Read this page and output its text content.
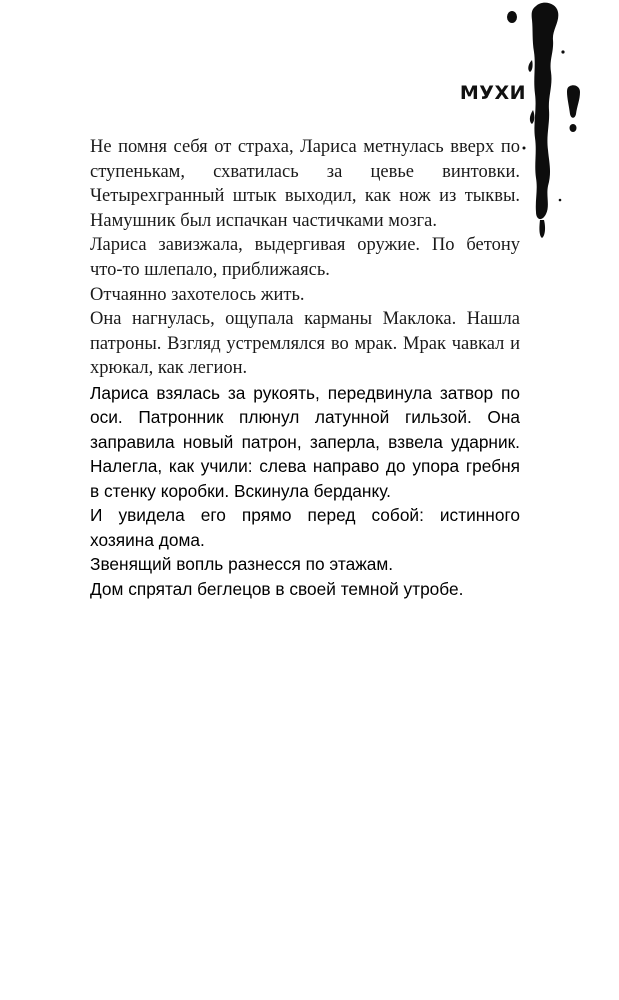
МУХИ

Не помня себя от страха, Лариса метнулась вверх по ступенькам, схватилась за цевье винтовки. Четырехгранный штык выходил, как нож из тыквы. Намушник был испачкан частичками мозга.

Лариса завизжала, выдергивая оружие. По бетону что-то шлепало, приближаясь.

Отчаянно захотелось жить.

Она нагнулась, ощупала карманы Маклока. Нашла патроны. Взгляд устремлялся во мрак. Мрак чавкал и хрюкал, как легион.

Лариса взялась за рукоять, передвинула затвор по оси. Патронник плюнул латунной гильзой. Она заправила новый патрон, заперла, взвела ударник. Налегла, как учили: слева направо до упора гребня в стенку коробки. Вскинула берданку.

И увидела его прямо перед собой: истинного хозяина дома.

Звенящий вопль разнесся по этажам.

Дом спрятал беглецов в своей темной утробе.
